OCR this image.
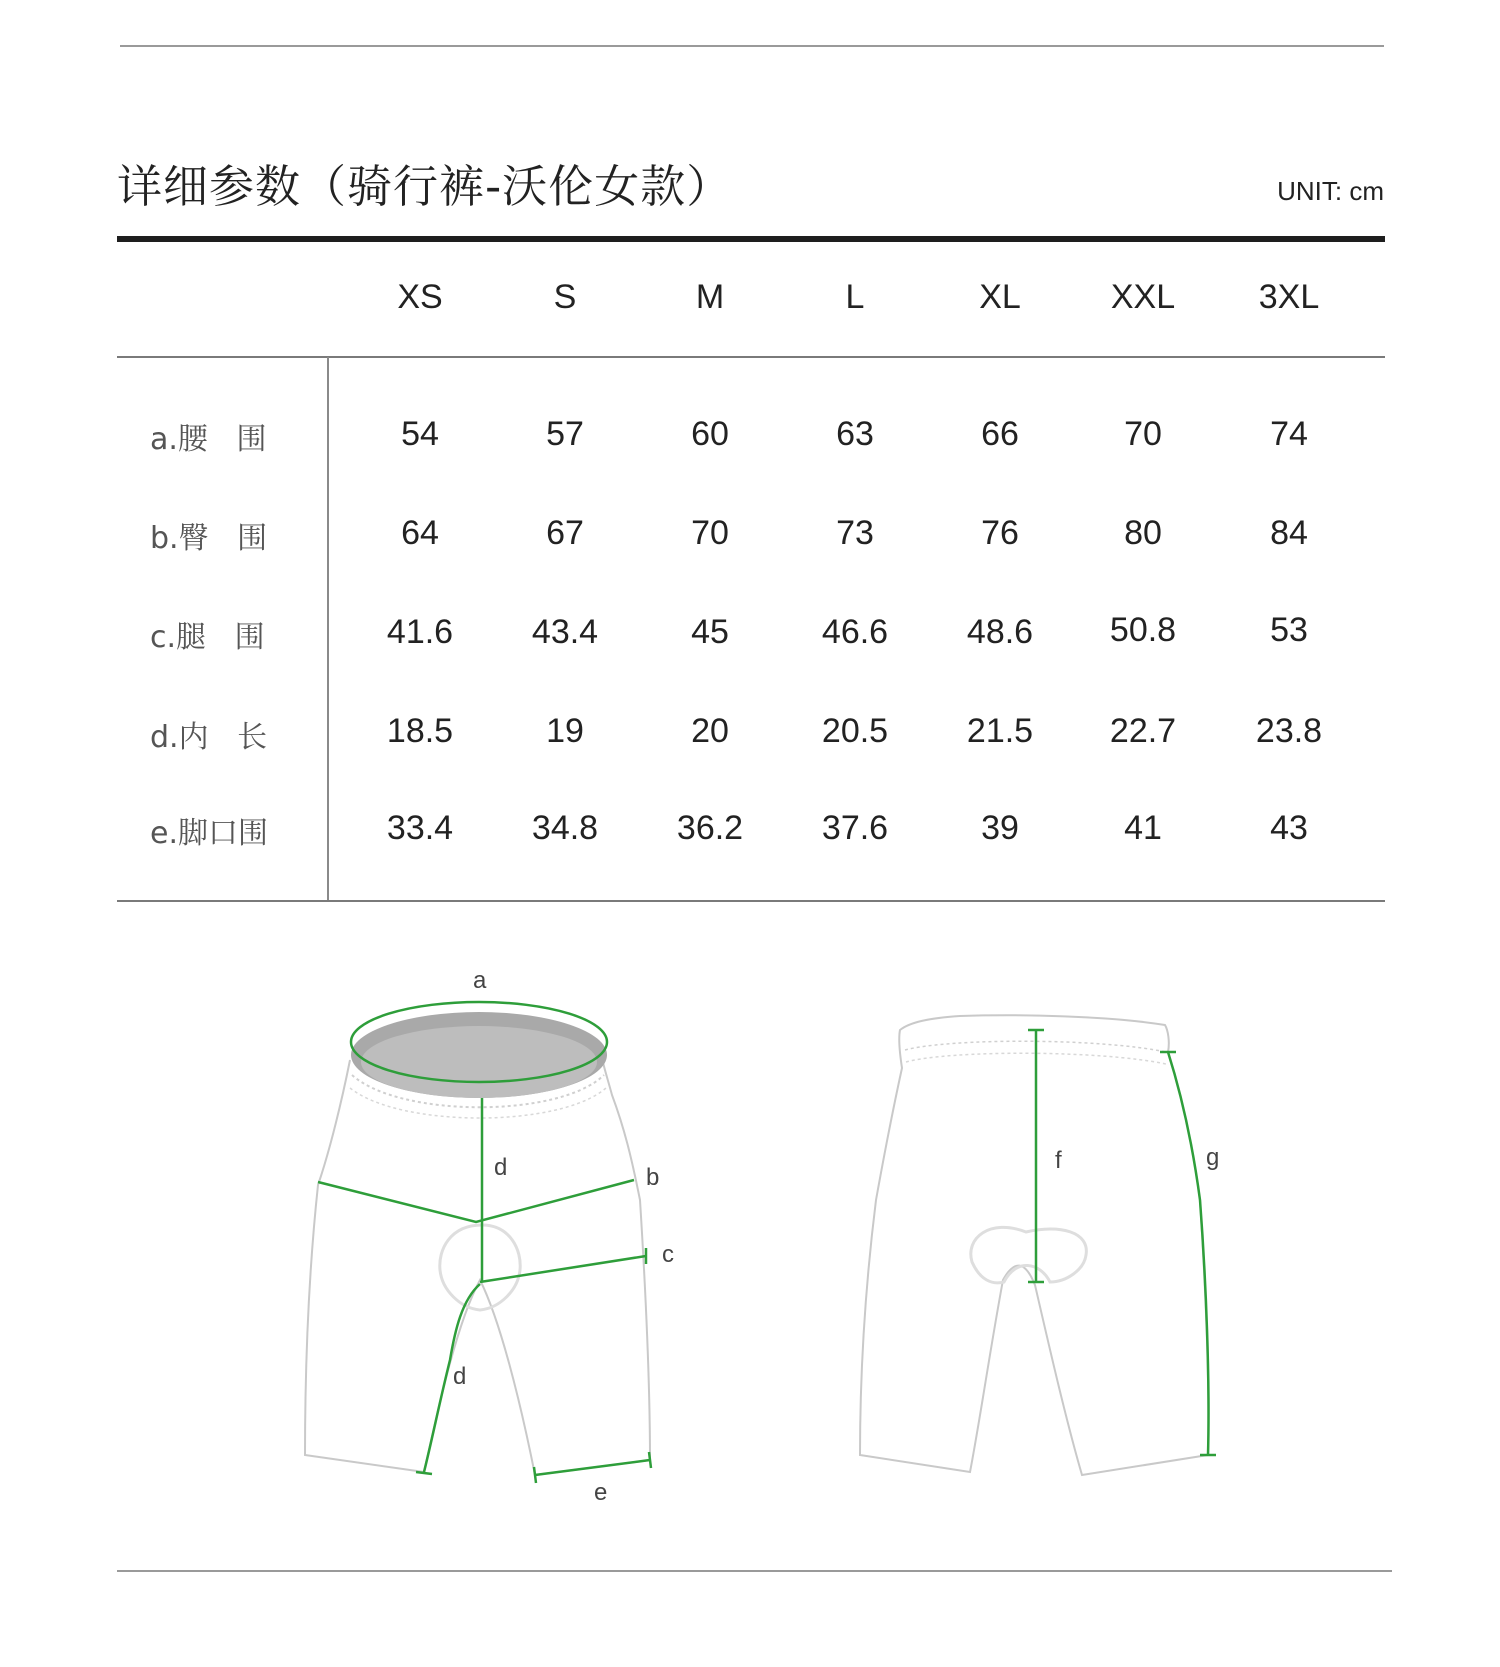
详细参数（骑行裤-沃伦女款）	UNIT: cm
XS	S	M	L	XL	XXL	3XL
a.腰   围	54	57	60	63	66	70	74
b.臀   围	64	67	70	73	76	80	84
c.腿   围	41.6	43.4	45	46.6	48.6	50.8	53
d.内   长	18.5	19	20	20.5	21.5	22.7	23.8
e.脚口围	33.4	34.8	36.2	37.6	39	41	43
a
d	b
c
d
e
f	g
